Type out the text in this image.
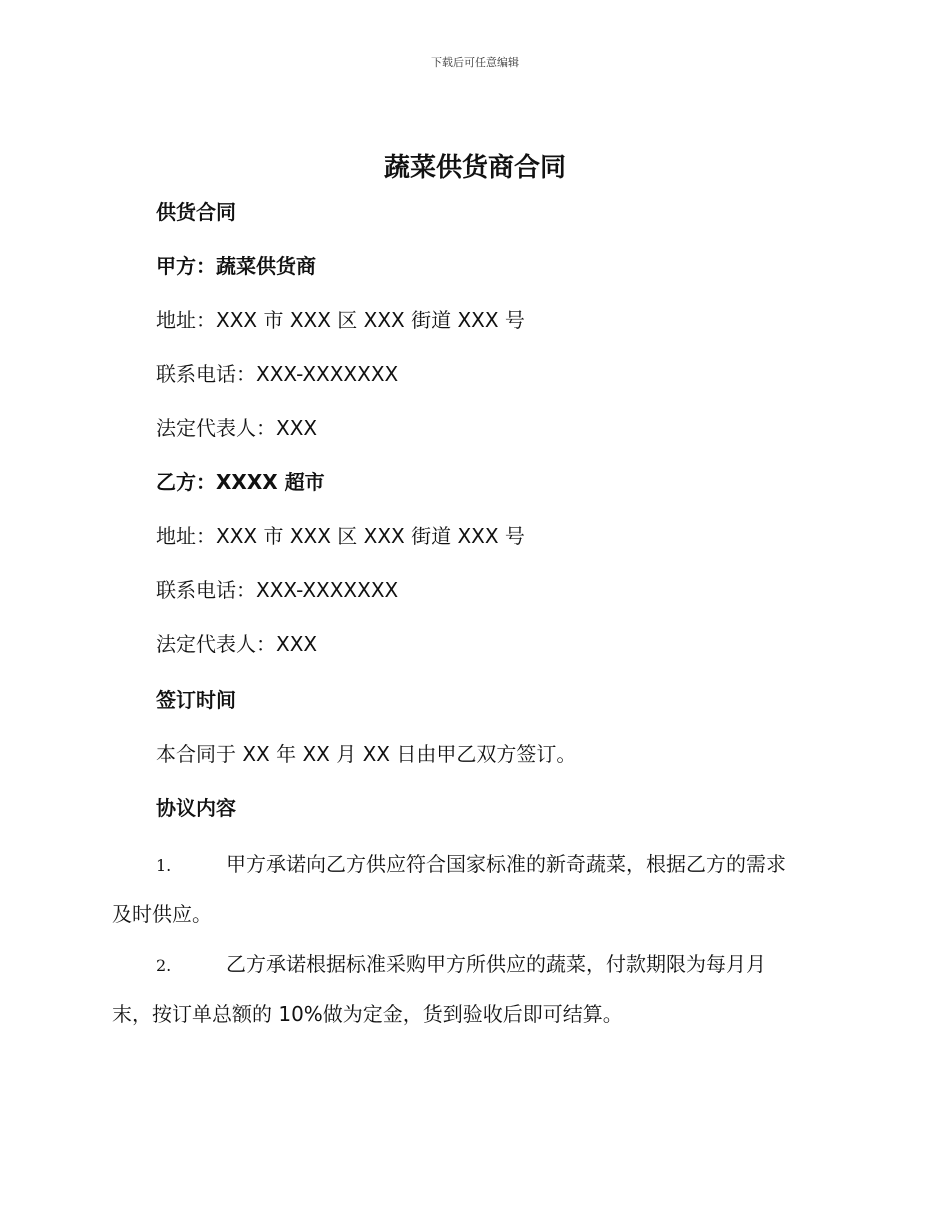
下载后可任意编辑
蔬菜供货商合同
供货合同
甲方：蔬菜供货商
地址：XXX 市 XXX 区 XXX 街道 XXX 号
联系电话：XXX-XXXXXXX
法定代表人：XXX
乙方：XXXX 超市
地址：XXX 市 XXX 区 XXX 街道 XXX 号
联系电话：XXX-XXXXXXX
法定代表人：XXX
签订时间
本合同于 XX 年 XX 月 XX 日由甲乙双方签订。
协议内容
1.	甲方承诺向乙方供应符合国家标准的新奇蔬菜，根据乙方的需求
及时供应。
2.	乙方承诺根据标准采购甲方所供应的蔬菜，付款期限为每月月
末，按订单总额的 10%做为定金，货到验收后即可结算。
